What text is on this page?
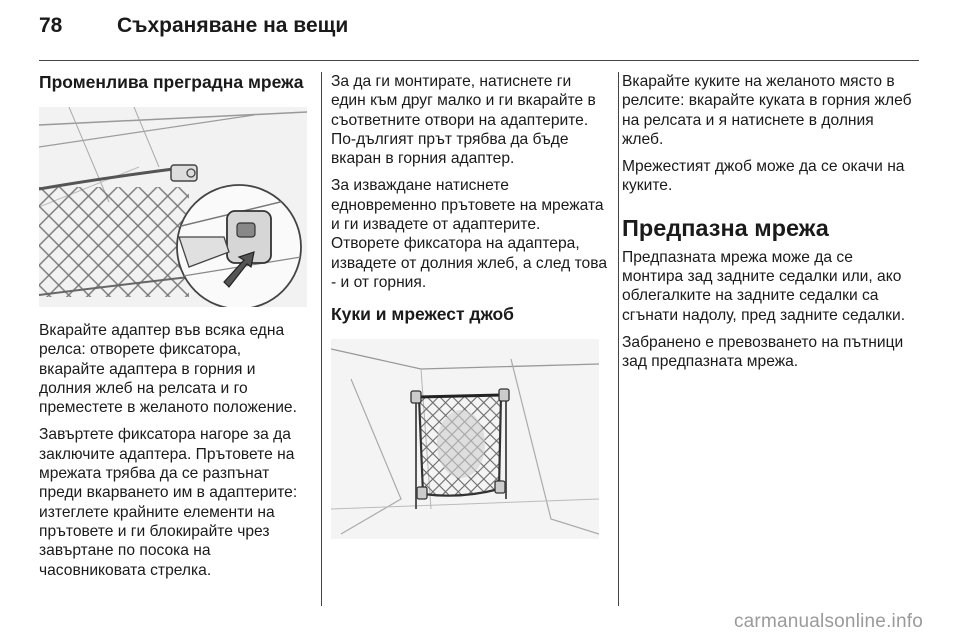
78	Съхраняване на вещи
Променлива преградна мрежа

Вкарайте адаптер във всяка една релса: отворете фиксатора, вкарайте адаптера в горния и долния жлеб на релсата и го преместете в желаното положение.

Завъртете фиксатора нагоре за да заключите адаптера. Прътовете на мрежата трябва да се разпънат преди вкарването им в адаптерите: изтеглете крайните елементи на прътовете и ги блокирайте чрез завъртане по посока на часовниковата стрелка.

За да ги монтирате, натиснете ги един към друг малко и ги вкарайте в съответните отвори на адаптерите. По-дългият прът трябва да бъде вкаран в горния адаптер.

За изваждане натиснете едновременно прътовете на мрежата и ги извадете от адаптерите. Отворете фиксатора на адаптера, извадете от долния жлеб, а след това - и от горния.

Куки и мрежест джоб

Вкарайте куките на желаното място в релсите: вкарайте куката в горния жлеб на релсата и я натиснете в долния жлеб.

Мрежестият джоб може да се окачи на куките.

Предпазна мрежа

Предпазната мрежа може да се монтира зад задните седалки или, ако облегалките на задните седалки са сгънати надолу, пред задните седалки.

Забранено е превозването на пътници зад предпазната мрежа.

carmanualsonline.info
